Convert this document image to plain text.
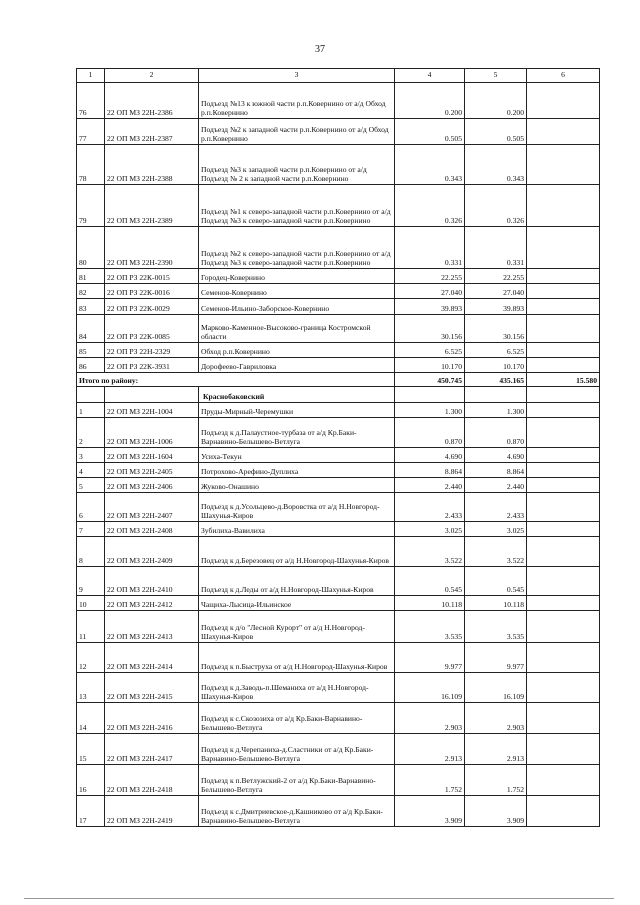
37
1	2	3	4	5	6
76	22 ОП МЗ 22Н-2386	Подъезд №13 к южной части р.п.Ковернино от а/д Обход р.п.Ковернино	0.200	0.200	
77	22 ОП МЗ 22Н-2387	Подъезд №2 к западной части р.п.Ковернино от а/д Обход р.п.Ковернино	0.505	0.505	
78	22 ОП МЗ 22Н-2388	Подъезд №3 к западной части р.п.Ковернино от а/д Подъезд № 2 к западной части р.п.Ковернино	0.343	0.343	
79	22 ОП МЗ 22Н-2389	Подъезд №1 к северо-западной части р.п.Ковернино от а/д Подъезд №3 к северо-западной части р.п.Ковернино	0.326	0.326	
80	22 ОП МЗ 22Н-2390	Подъезд №2 к северо-западной части р.п.Ковернино от а/д Подъезд №3 к северо-западной части р.п.Ковернино	0.331	0.331	
81	22 ОП РЗ 22К-0015	Городец-Ковернино	22.255	22.255	
82	22 ОП РЗ 22К-0016	Семенов-Ковернино	27.040	27.040	
83	22 ОП РЗ 22К-0029	Семенов-Ильино-Заборское-Ковернино	39.893	39.893	
84	22 ОП РЗ 22К-0085	Марково-Каменное-Высоково-граница Костромской области	30.156	30.156	
85	22 ОП РЗ 22Н-2329	Обход р.п.Ковернино	6.525	6.525	
86	22 ОП РЗ 22К-3931	Дорофеево-Гавриловка	10.170	10.170	
Итого по району:			450.745	435.165	15.580
		Краснобаковский			
1	22 ОП МЗ 22Н-1004	Пруды-Мирный-Черемушки	1.300	1.300	
2	22 ОП МЗ 22Н-1006	Подъезд к д.Палаустное-турбаза от а/д Кр.Баки-Варнавино-Белышево-Ветлуга	0.870	0.870	
3	22 ОП МЗ 22Н-1604	Усиха-Текун	4.690	4.690	
4	22 ОП МЗ 22Н-2405	Потрохово-Арефино-Дуплиха	8.864	8.864	
5	22 ОП МЗ 22Н-2406	Жуково-Онашино	2.440	2.440	
6	22 ОП МЗ 22Н-2407	Подъезд к д.Усольцево-д.Воровстка от а/д Н.Новгород-Шахунья-Киров	2.433	2.433	
7	22 ОП МЗ 22Н-2408	Зубилиха-Вавилиха	3.025	3.025	
8	22 ОП МЗ 22Н-2409	Подъезд к д.Березовец от а/д Н.Новгород-Шахунья-Киров	3.522	3.522	
9	22 ОП МЗ 22Н-2410	Подъезд к д.Леды от а/д Н.Новгород-Шахунья-Киров	0.545	0.545	
10	22 ОП МЗ 22Н-2412	Чащиха-Лысица-Ильинское	10.118	10.118	
11	22 ОП МЗ 22Н-2413	Подъезд к д/о "Лесной Курорт" от а/д Н.Новгород-Шахунья-Киров	3.535	3.535	
12	22 ОП МЗ 22Н-2414	Подъезд к п.Быструха от а/д Н.Новгород-Шахунья-Киров	9.977	9.977	
13	22 ОП МЗ 22Н-2415	Подъезд к д.Заводь-п.Шеманиха от а/д Н.Новгород-Шахунья-Киров	16.109	16.109	
14	22 ОП МЗ 22Н-2416	Подъезд к с.Скозозиха от а/д Кр.Баки-Варнавино-Белышево-Ветлуга	2.903	2.903	
15	22 ОП МЗ 22Н-2417	Подъезд к д.Черепаниха-д.Сластники от а/д Кр.Баки-Варнавино-Белышево-Ветлуга	2.913	2.913	
16	22 ОП МЗ 22Н-2418	Подъезд к п.Ветлужский-2 от а/д Кр.Баки-Варнавино-Белышево-Ветлуга	1.752	1.752	
17	22 ОП МЗ 22Н-2419	Подъезд к с.Дмитриевское-д.Кашниково от а/д Кр.Баки-Варнавино-Белышево-Ветлуга	3.909	3.909	
